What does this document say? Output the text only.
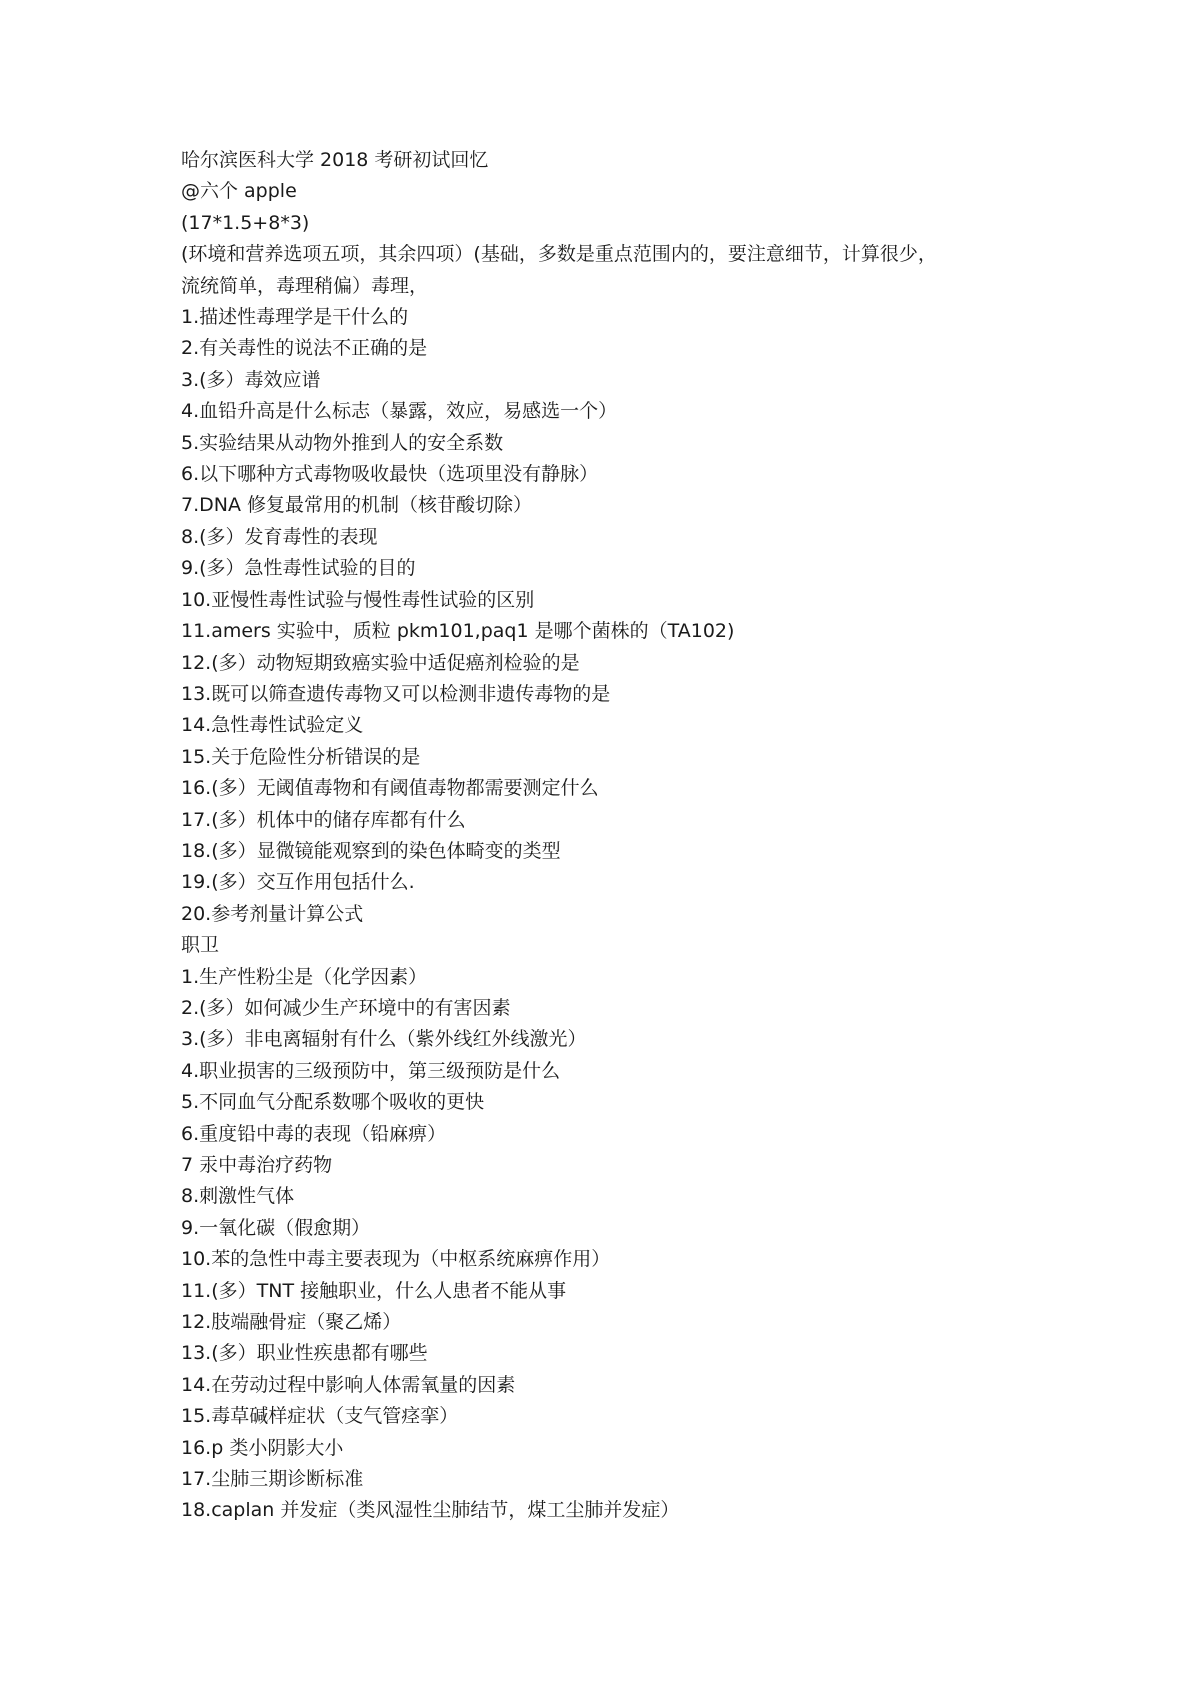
哈尔滨医科大学 2018 考研初试回忆

@六个 apple

(17*1.5+8*3)

(环境和营养选项五项，其余四项）(基础，多数是重点范围内的，要注意细节，计算很少，

流统简单，毒理稍偏）毒理，

1.描述性毒理学是干什么的

2.有关毒性的说法不正确的是

3.(多）毒效应谱

4.血铅升高是什么标志（暴露，效应，易感选一个）

5.实验结果从动物外推到人的安全系数

6.以下哪种方式毒物吸收最快（选项里没有静脉）

7.DNA 修复最常用的机制（核苷酸切除）

8.(多）发育毒性的表现

9.(多）急性毒性试验的目的

10.亚慢性毒性试验与慢性毒性试验的区别

11.amers 实验中，质粒 pkm101,paq1 是哪个菌株的（TA102)

12.(多）动物短期致癌实验中适促癌剂检验的是

13.既可以筛查遗传毒物又可以检测非遗传毒物的是

14.急性毒性试验定义

15.关于危险性分析错误的是

16.(多）无阈值毒物和有阈值毒物都需要测定什么

17.(多）机体中的储存库都有什么

18.(多）显微镜能观察到的染色体畸变的类型

19.(多）交互作用包括什么.

20.参考剂量计算公式

职卫

1.生产性粉尘是（化学因素）

2.(多）如何减少生产环境中的有害因素

3.(多）非电离辐射有什么（紫外线红外线激光）

4.职业损害的三级预防中，第三级预防是什么

5.不同血气分配系数哪个吸收的更快

6.重度铅中毒的表现（铅麻痹）

7 汞中毒治疗药物

8.刺激性气体

9.一氧化碳（假愈期）

10.苯的急性中毒主要表现为（中枢系统麻痹作用）

11.(多）TNT 接触职业，什么人患者不能从事

12.肢端融骨症（聚乙烯）

13.(多）职业性疾患都有哪些

14.在劳动过程中影响人体需氧量的因素

15.毒草碱样症状（支气管痉挛）

16.p 类小阴影大小

17.尘肺三期诊断标准

18.caplan 并发症（类风湿性尘肺结节，煤工尘肺并发症）
